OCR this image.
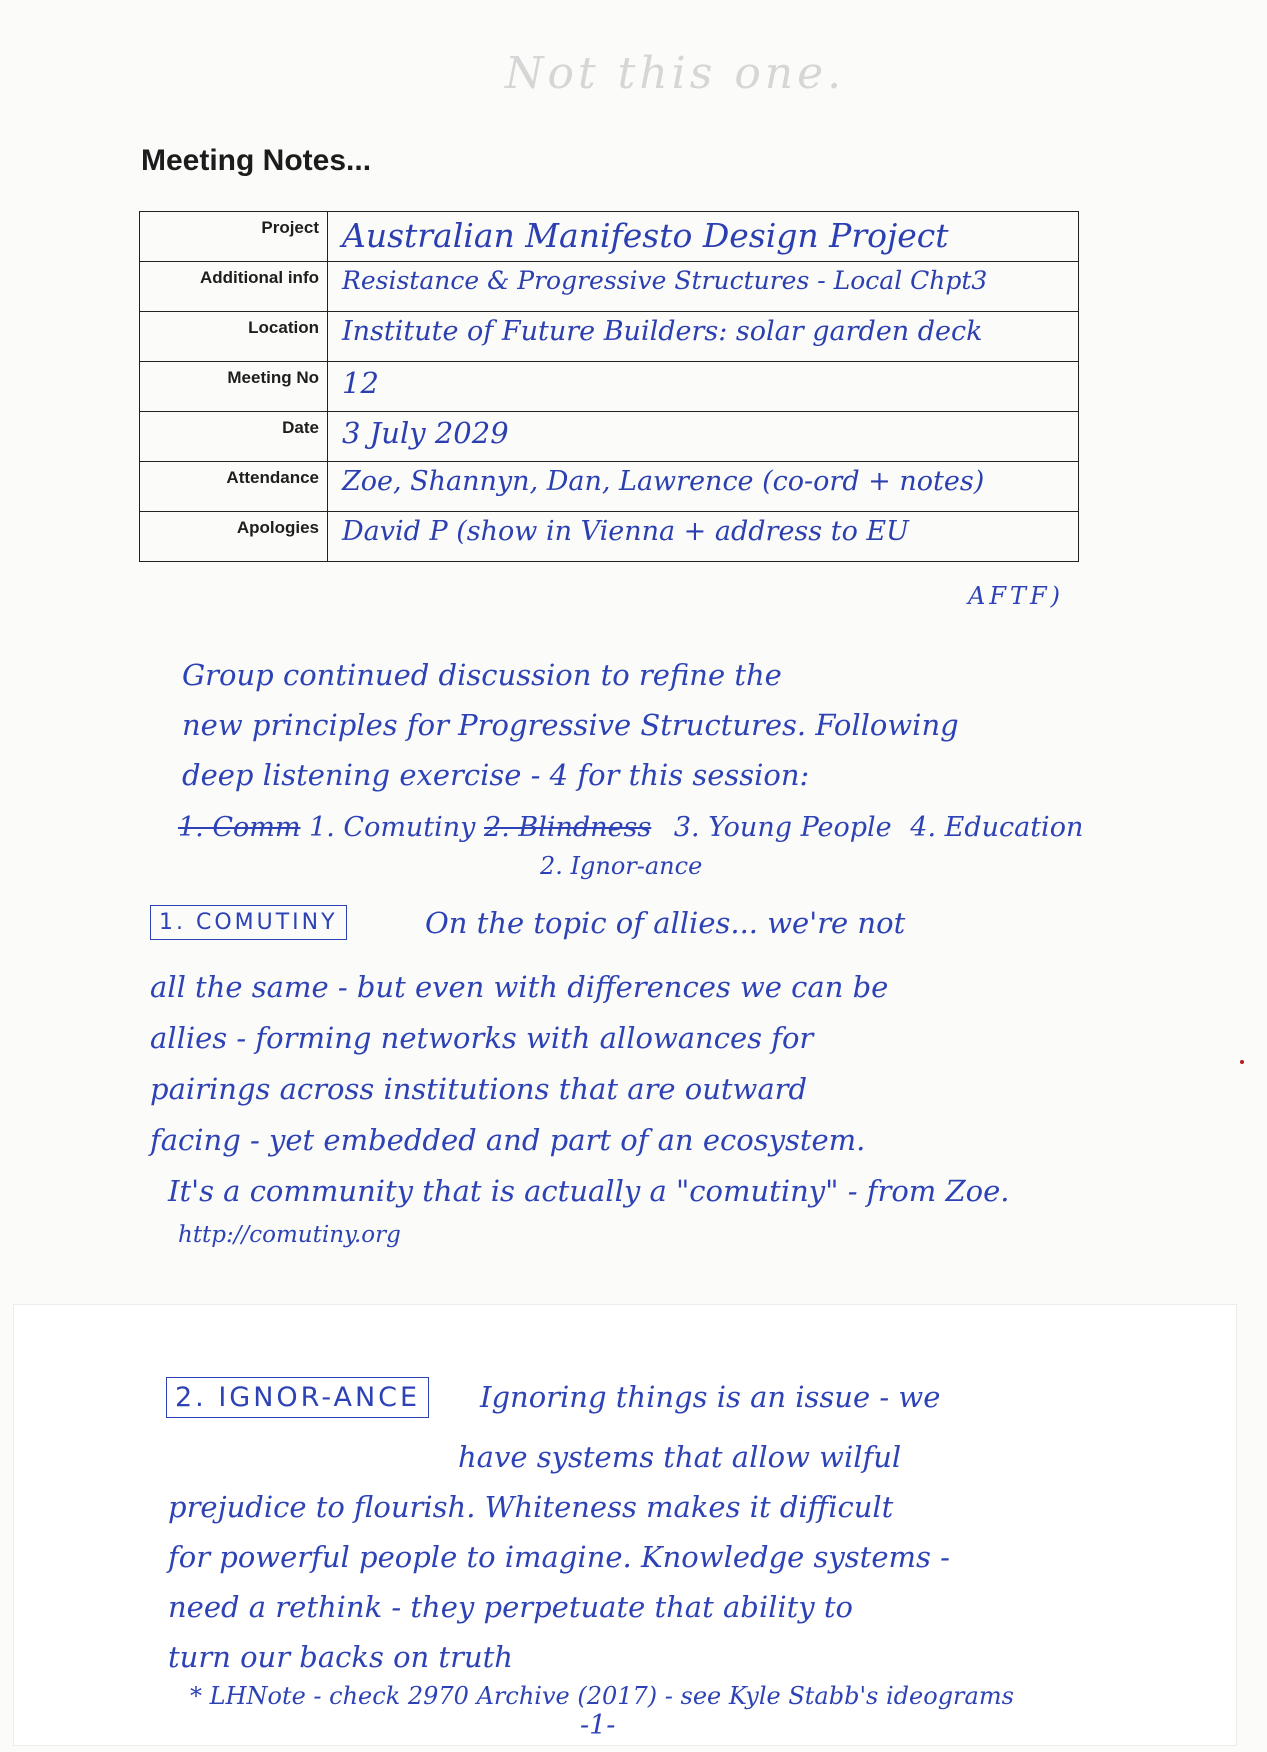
Not this one.
Meeting Notes...
Project	Australian Manifesto Design Project
Additional info	Resistance & Progressive Structures - Local Chpt3
Location	Institute of Future Builders: solar garden deck
Meeting No	12
Date	3 July 2029
Attendance	Zoe, Shannyn, Dan, Lawrence (co-ord + notes)
Apologies	David P (show in Vienna + address to EU
AFTF)
Group continued discussion to refine the
new principles for Progressive Structures. Following
deep listening exercise - 4 for this session:
1. Comm 1. Comutiny 2. Blindness 3. Young People 4. Education
2. Ignor-ance
1. COMUTINY	On the topic of allies... we're not
all the same - but even with differences we can be
allies - forming networks with allowances for
pairings across institutions that are outward
facing - yet embedded and part of an ecosystem.
It's a community that is actually a "comutiny" - from Zoe.
http://comutiny.org
2. IGNOR-ANCE	Ignoring things is an issue - we
have systems that allow wilful
prejudice to flourish. Whiteness makes it difficult
for powerful people to imagine. Knowledge systems -
need a rethink - they perpetuate that ability to
turn our backs on truth
* LHNote - check 2970 Archive (2017) - see Kyle Stabb's ideograms
-1-
